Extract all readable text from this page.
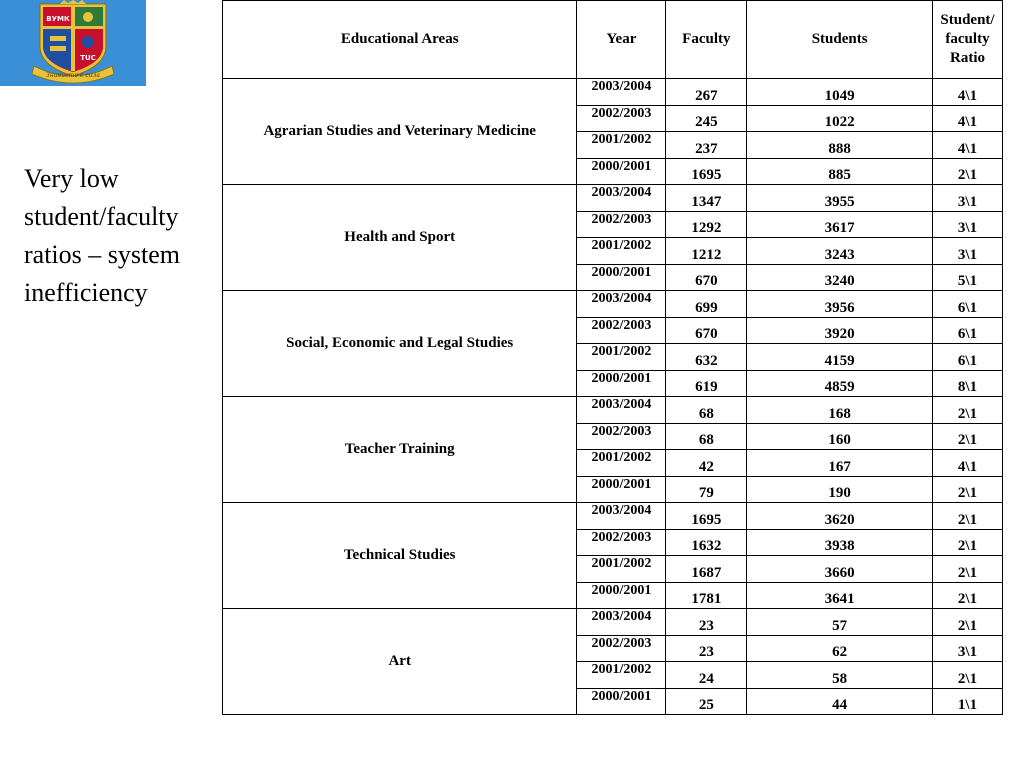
ВУМК
TUC
Знанието е сила
Very low student/faculty ratios – system inefficiency
Educational Areas	Year	Faculty	Students	Student/ faculty Ratio
Agrarian Studies and Veterinary Medicine	2003/2004	267	1049	4\1
	2002/2003	245	1022	4\1
	2001/2002	237	888	4\1
	2000/2001	1695	885	2\1
Health and Sport	2003/2004	1347	3955	3\1
	2002/2003	1292	3617	3\1
	2001/2002	1212	3243	3\1
	2000/2001	670	3240	5\1
Social, Economic and Legal Studies	2003/2004	699	3956	6\1
	2002/2003	670	3920	6\1
	2001/2002	632	4159	6\1
	2000/2001	619	4859	8\1
Teacher Training	2003/2004	68	168	2\1
	2002/2003	68	160	2\1
	2001/2002	42	167	4\1
	2000/2001	79	190	2\1
Technical Studies	2003/2004	1695	3620	2\1
	2002/2003	1632	3938	2\1
	2001/2002	1687	3660	2\1
	2000/2001	1781	3641	2\1
Art	2003/2004	23	57	2\1
	2002/2003	23	62	3\1
	2001/2002	24	58	2\1
	2000/2001	25	44	1\1
